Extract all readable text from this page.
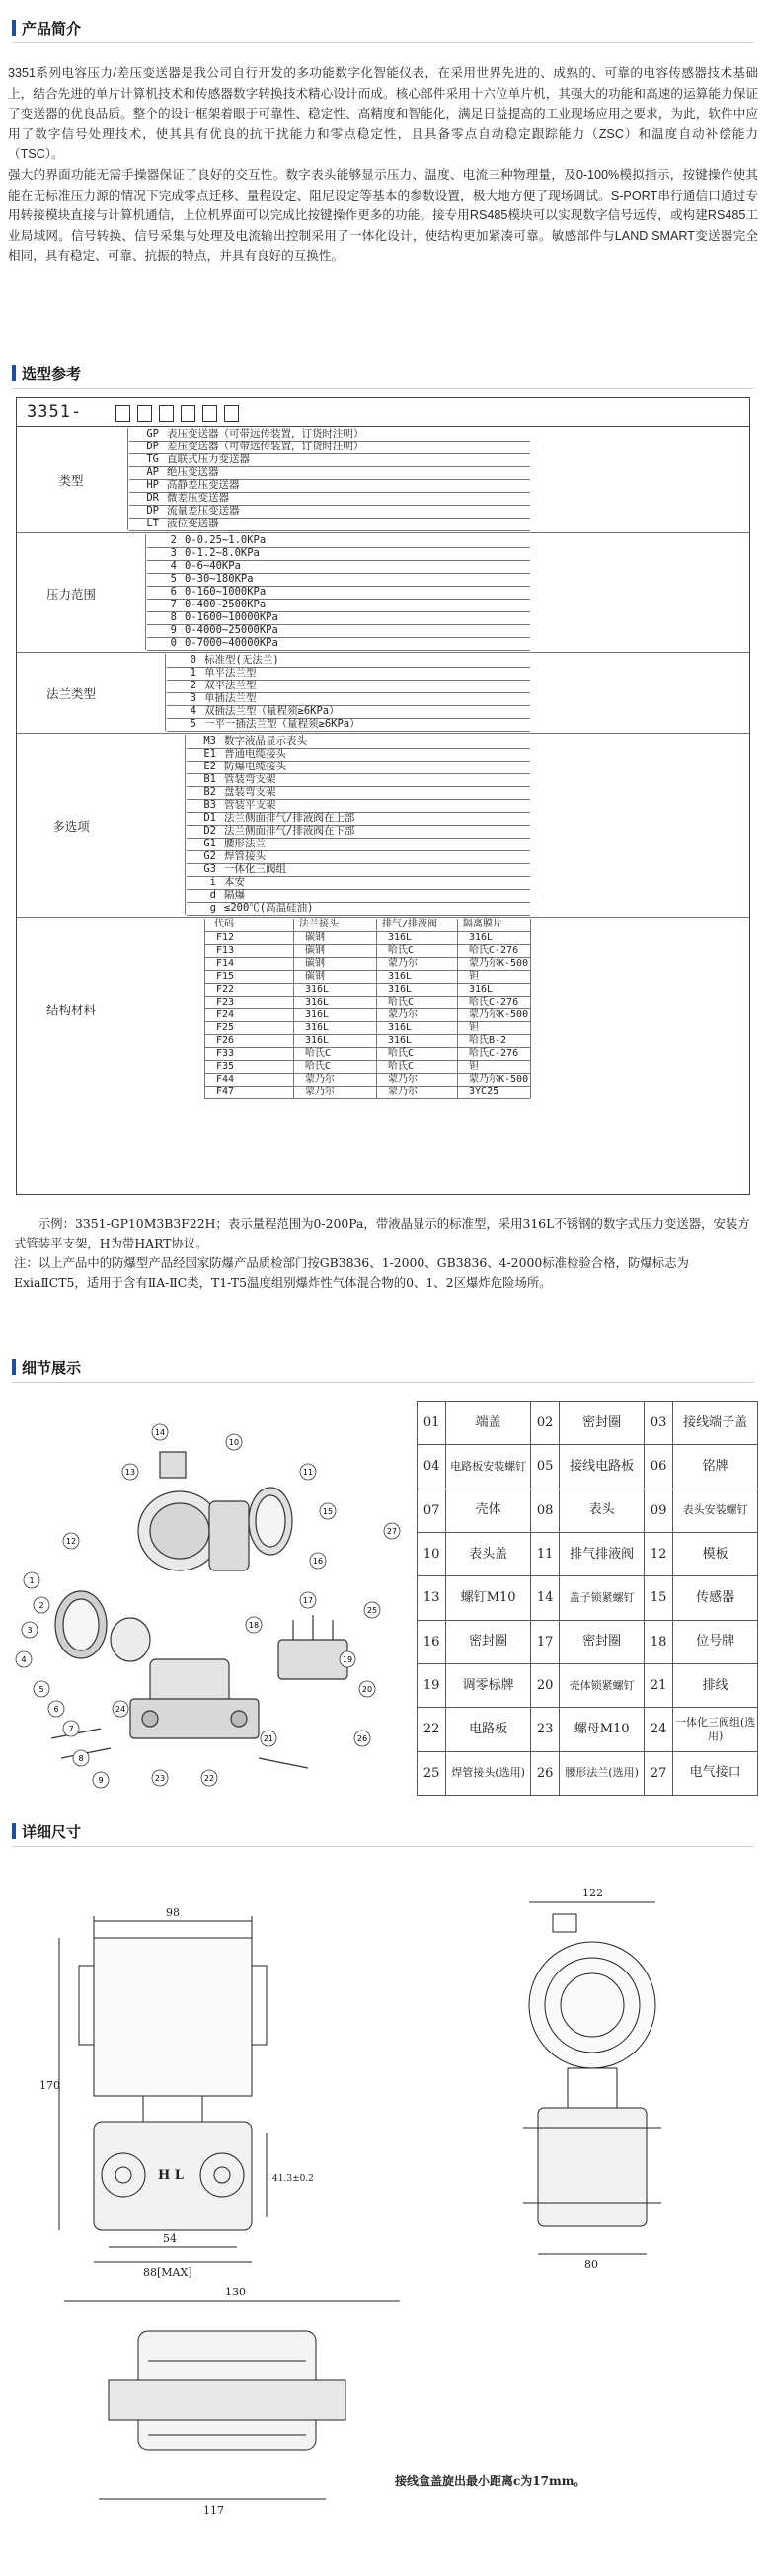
产品简介

3351系列电容压力/差压变送器是我公司自行开发的多功能数字化智能仪表，在采用世界先进的、成熟的、可靠的电容传感器技术基础上，结合先进的单片计算机技术和传感器数字转换技术精心设计而成。核心部件采用十六位单片机，其强大的功能和高速的运算能力保证了变送器的优良品质。整个的设计框架着眼于可靠性、稳定性、高精度和智能化，满足日益提高的工业现场应用之要求，为此，软件中应用了数字信号处理技术，使其具有优良的抗干扰能力和零点稳定性，且具备零点自动稳定跟踪能力（ZSC）和温度自动补偿能力（TSC）。

强大的界面功能无需手操器保证了良好的交互性。数字表头能够显示压力、温度、电流三种物理量，及0-100%模拟指示，按键操作使其能在无标准压力源的情况下完成零点迁移、量程设定、阻尼设定等基本的参数设置，极大地方便了现场调试。S-PORT串行通信口通过专用转接模块直接与计算机通信，上位机界面可以完成比按键操作更多的功能。接专用RS485模块可以实现数字信号远传，或构建RS485工业局域网。信号转换、信号采集与处理及电流输出控制采用了一体化设计，使结构更加紧凑可靠。敏感部件与LAND SMART变送器完全相同，具有稳定、可靠、抗振的特点，并具有良好的互换性。

选型参考
3351-
GP 表压变送器（可带远传装置，订货时注明）
DP 差压变送器（可带远传装置，订货时注明）
TG 直联式压力变送器
AP 绝压变送器
HP 高静差压变送器
DR 微差压变送器
DP 流量差压变送器
LT 液位变送器
类型
2 0-0.25~1.0KPa
3 0-1.2~8.0KPa
4 0-6~40KPa
5 0-30~180KPa
6 0-160~1000KPa
7 0-400~2500KPa
8 0-1600~10000KPa
9 0-4000~25000KPa
0 0-7000~40000KPa
压力范围
0 标准型(无法兰)
1 单平法兰型
2 双平法兰型
3 单插法兰型
4 双插法兰型（量程须≥6KPa）
5 一平一插法兰型（量程须≥6KPa）
法兰类型
M3 数字液晶显示表头
E1 普通电缆接头
E2 防爆电缆接头
B1 管装弯支架
B2 盘装弯支架
B3 管装平支架
D1 法兰侧面排气/排液阀在上部
D2 法兰侧面排气/排液阀在下部
G1 腰形法兰
G2 焊管接头
G3 一体化三阀组
i 本安
d 隔爆
g ≤200℃(高温硅油)
多选项
代码	法兰接头	排气/排液阀	隔离膜片
F12	碳钢	316L	316L
F13	碳钢	哈氏C	哈氏C-276
F14	碳钢	蒙乃尔	蒙乃尔K-500
F15	碳钢	316L	钽
F22	316L	316L	316L
F23	316L	哈氏C	哈氏C-276
F24	316L	蒙乃尔	蒙乃尔K-500
F25	316L	316L	钽
F26	316L	316L	哈氏B-2
F33	哈氏C	哈氏C	哈氏C-276
F35	哈氏C	哈氏C	钽
F44	蒙乃尔	蒙乃尔	蒙乃尔K-500
F47	蒙乃尔	蒙乃尔	3YC25
结构材料

示例：3351-GP10M3B3F22H；表示量程范围为0-200Pa，带液晶显示的标准型，采用316L不锈钢的数字式压力变送器，安装方式管装平支架，H为带HART协议。

注：以上产品中的防爆型产品经国家防爆产品质检部门按GB3836、1-2000、GB3836、4-2000标准检验合格，防爆标志为ExiaⅡCT5，适用于含有ⅡA-ⅡC类，T1-T5温度组别爆炸性气体混合物的0、1、2区爆炸危险场所。

细节展示
1
2
3
4
5
6
7
8
9
10
11
12
13
14
15
16
17
18
19
20
21
22
23
24
25
26
27
01	端盖	02	密封圈	03	接线端子盖
04	电路板安装螺钉	05	接线电路板	06	铭牌
07	壳体	08	表头	09	表头安装螺钉
10	表头盖	11	排气排液阀	12	模板
13	螺钉M10	14	盖子锁紧螺钉	15	传感器
16	密封圈	17	密封圈	18	位号牌
19	调零标牌	20	壳体锁紧螺钉	21	排线
22	电路板	23	螺母M10	24	一体化三阀组(选用)
25	焊管接头(选用)	26	腰形法兰(选用)	27	电气接口
详细尺寸
98
170
41.3±0.2
54
88[MAX]
H L
122
80
130
117
接线盒盖旋出最小距离c为17mm。
